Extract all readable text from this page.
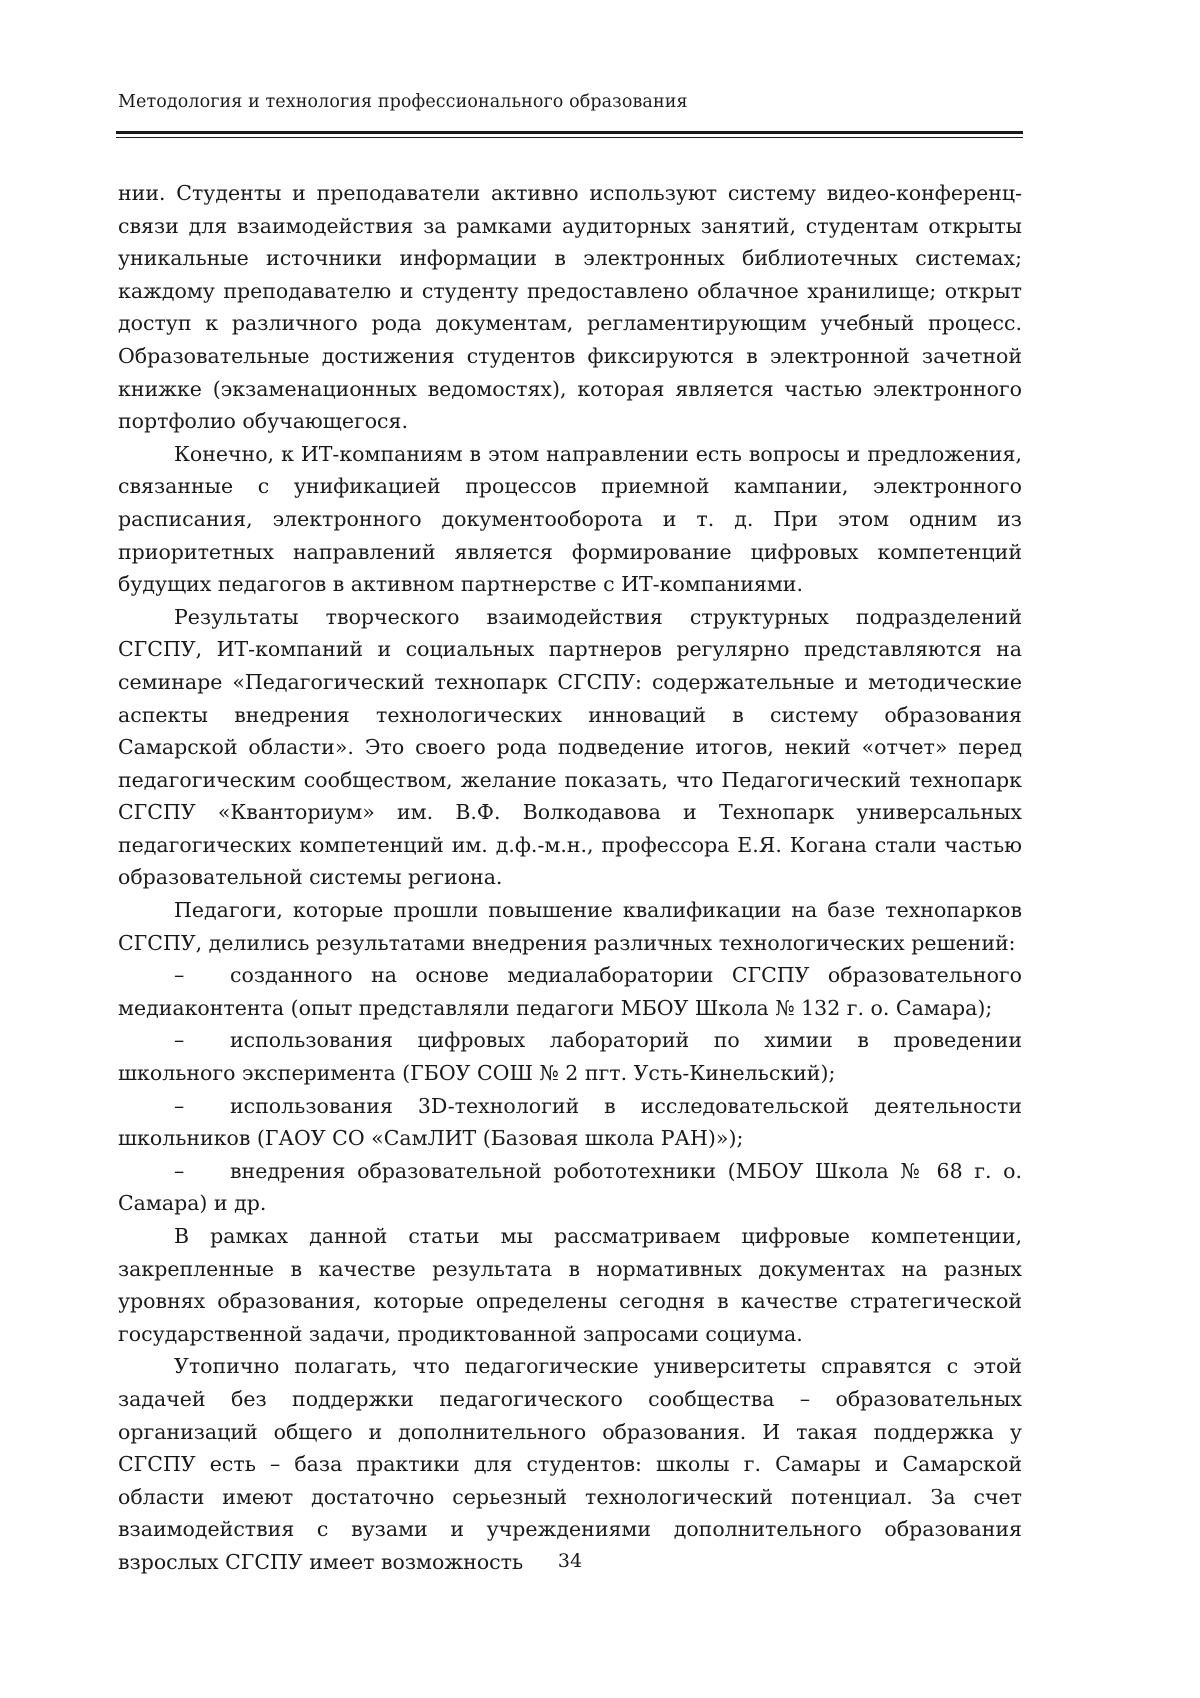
Методология и технология профессионального образования

нии. Студенты и преподаватели активно используют систему видео-конференц-связи для взаимодействия за рамками аудиторных занятий, студентам открыты уникальные источники информации в электронных библиотечных системах; каждому преподавателю и студенту предоставлено облачное хранилище; открыт доступ к различного рода документам, регламентирующим учебный процесс. Образовательные достижения студентов фиксируются в электронной зачетной книжке (экзаменационных ведомостях), которая является частью электронного портфолио обучающегося.

Конечно, к ИТ-компаниям в этом направлении есть вопросы и предложения, связанные с унификацией процессов приемной кампании, электронного расписания, электронного документооборота и т. д. При этом одним из приоритетных направлений является формирование цифровых компетенций будущих педагогов в активном партнерстве с ИТ-компаниями.

Результаты творческого взаимодействия структурных подразделений СГСПУ, ИТ-компаний и социальных партнеров регулярно представляются на семинаре «Педагогический технопарк СГСПУ: содержательные и методические аспекты внедрения технологических инноваций в систему образования Самарской области». Это своего рода подведение итогов, некий «отчет» перед педагогическим сообществом, желание показать, что Педагогический технопарк СГСПУ «Кванториум» им. В.Ф. Волкодавова и Технопарк универсальных педагогических компетенций им. д.ф.-м.н., профессора Е.Я. Когана стали частью образовательной системы региона.

Педагоги, которые прошли повышение квалификации на базе технопарков СГСПУ, делились результатами внедрения различных технологических решений:

– созданного на основе медиалаборатории СГСПУ образовательного медиаконтента (опыт представляли педагоги МБОУ Школа № 132 г. о. Самара);

– использования цифровых лабораторий по химии в проведении школьного эксперимента (ГБОУ СОШ № 2 пгт. Усть-Кинельский);

– использования 3D-технологий в исследовательской деятельности школьников (ГАОУ СО «СамЛИТ (Базовая школа РАН)»);

– внедрения образовательной робототехники (МБОУ Школа № 68 г. о. Самара) и др.

В рамках данной статьи мы рассматриваем цифровые компетенции, закрепленные в качестве результата в нормативных документах на разных уровнях образования, которые определены сегодня в качестве стратегической государственной задачи, продиктованной запросами социума.

Утопично полагать, что педагогические университеты справятся с этой задачей без поддержки педагогического сообщества – образовательных организаций общего и дополнительного образования. И такая поддержка у СГСПУ есть – база практики для студентов: школы г. Самары и Самарской области имеют достаточно серьезный технологический потенциал. За счет взаимодействия с вузами и учреждениями дополнительного образования взрослых СГСПУ имеет возможность	34
